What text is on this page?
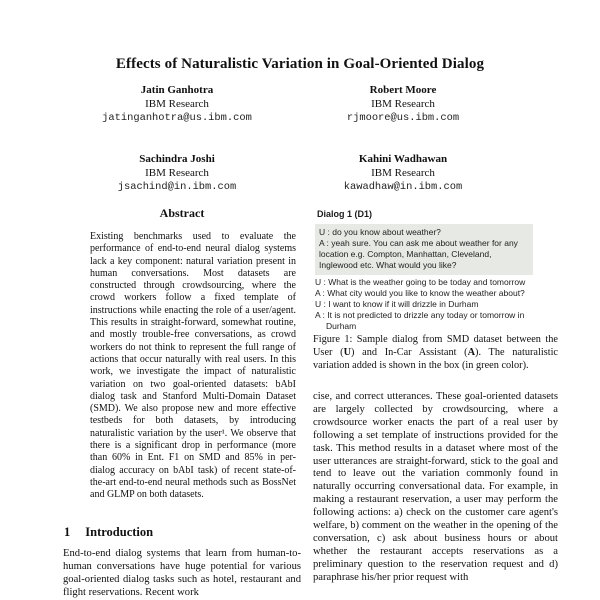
Effects of Naturalistic Variation in Goal-Oriented Dialog
Jatin Ganhotra
IBM Research
jatinganhotra@us.ibm.com
Robert Moore
IBM Research
rjmoore@us.ibm.com
Sachindra Joshi
IBM Research
jsachind@in.ibm.com
Kahini Wadhawan
IBM Research
kawadhaw@in.ibm.com
Abstract

Existing benchmarks used to evaluate the performance of end-to-end neural dialog systems lack a key component: natural variation present in human conversations. Most datasets are constructed through crowdsourcing, where the crowd workers follow a fixed template of instructions while enacting the role of a user/agent. This results in straight-forward, somewhat routine, and mostly trouble-free conversations, as crowd workers do not think to represent the full range of actions that occur naturally with real users. In this work, we investigate the impact of naturalistic variation on two goal-oriented datasets: bAbI dialog task and Stanford Multi-Domain Dataset (SMD). We also propose new and more effective testbeds for both datasets, by introducing naturalistic variation by the user¹. We observe that there is a significant drop in performance (more than 60% in Ent. F1 on SMD and 85% in per-dialog accuracy on bAbI task) of recent state-of-the-art end-to-end neural methods such as BossNet and GLMP on both datasets.

1 Introduction

End-to-end dialog systems that learn from human-to-human conversations have huge potential for various goal-oriented dialog tasks such as hotel, restaurant and flight reservations. Recent work

Dialog 1 (D1)

U : do you know about weather?

A : yeah sure. You can ask me about weather for any location e.g. Compton, Manhattan, Cleveland, Inglewood etc. What would you like?

U : What is the weather going to be today and tomorrow

A : What city would you like to know the weather about?

U : I want to know if it will drizzle in Durham

A : It is not predicted to drizzle any today or tomorrow in Durham

Figure 1: Sample dialog from SMD dataset between the User (U) and In-Car Assistant (A). The naturalistic variation added is shown in the box (in green color).

cise, and correct utterances. These goal-oriented datasets are largely collected by crowdsourcing, where a crowdsource worker enacts the part of a real user by following a set template of instructions provided for the task. This method results in a dataset where most of the user utterances are straight-forward, stick to the goal and tend to leave out the variation commonly found in naturally occurring conversational data. For example, in making a restaurant reservation, a user may perform the following actions: a) check on the customer care agent's welfare, b) comment on the weather in the opening of the conversation, c) ask about business hours or about whether the restaurant accepts reservations as a preliminary question to the reservation request and d) paraphrase his/her prior request with
